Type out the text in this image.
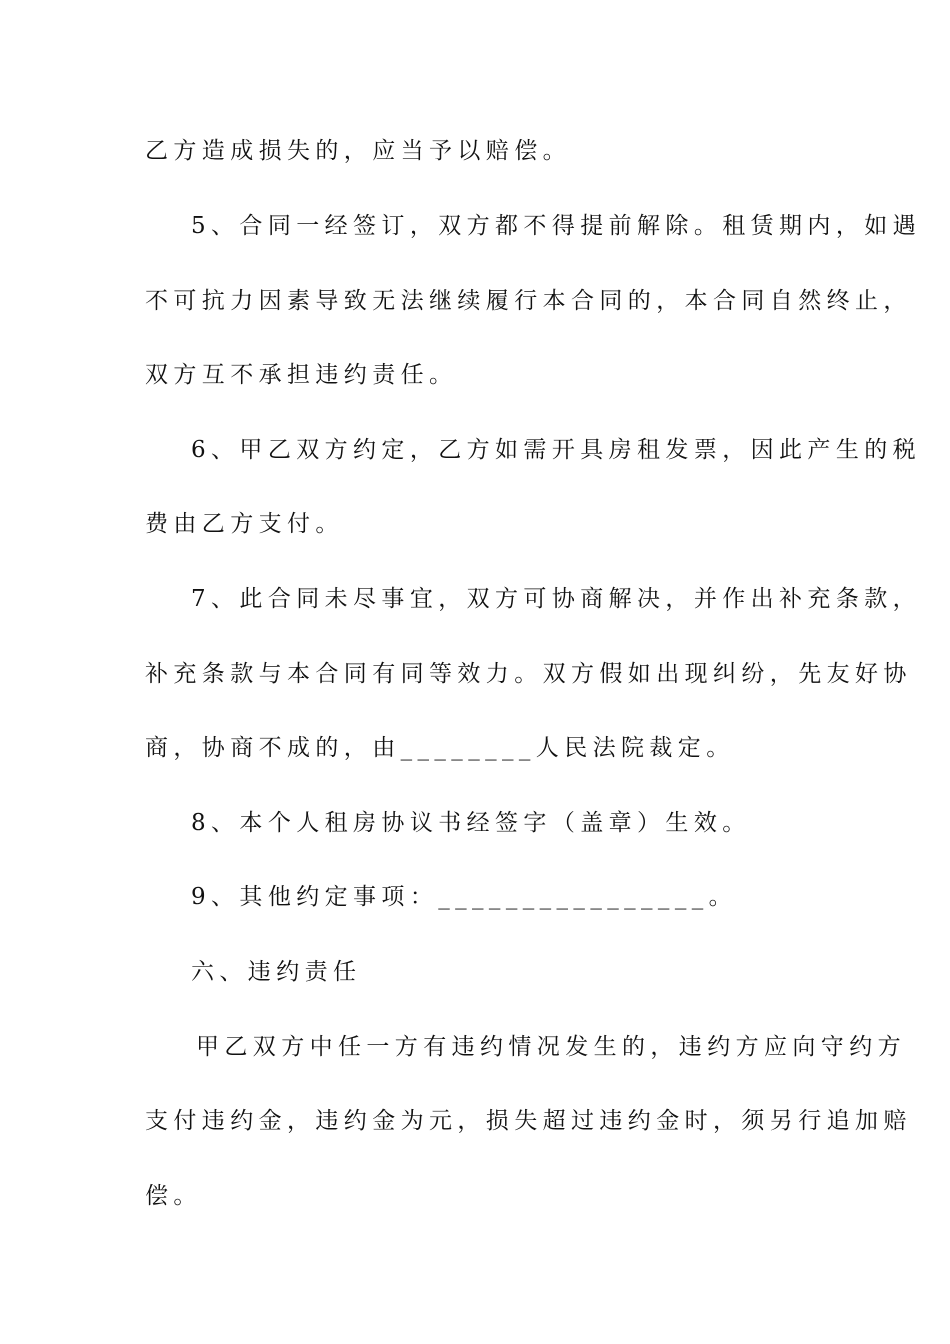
乙方造成损失的，应当予以赔偿。
5、合同一经签订，双方都不得提前解除。租赁期内，如遇
不可抗力因素导致无法继续履行本合同的，本合同自然终止，
双方互不承担违约责任。
6、甲乙双方约定，乙方如需开具房租发票，因此产生的税
费由乙方支付。
7、此合同未尽事宜，双方可协商解决，并作出补充条款，
补充条款与本合同有同等效力。双方假如出现纠纷，先友好协
商，协商不成的，由________人民法院裁定。
8、本个人租房协议书经签字（盖章）生效。
9、其他约定事项：________________。
六、违约责任
甲乙双方中任一方有违约情况发生的，违约方应向守约方
支付违约金，违约金为元，损失超过违约金时，须另行追加赔
偿。
